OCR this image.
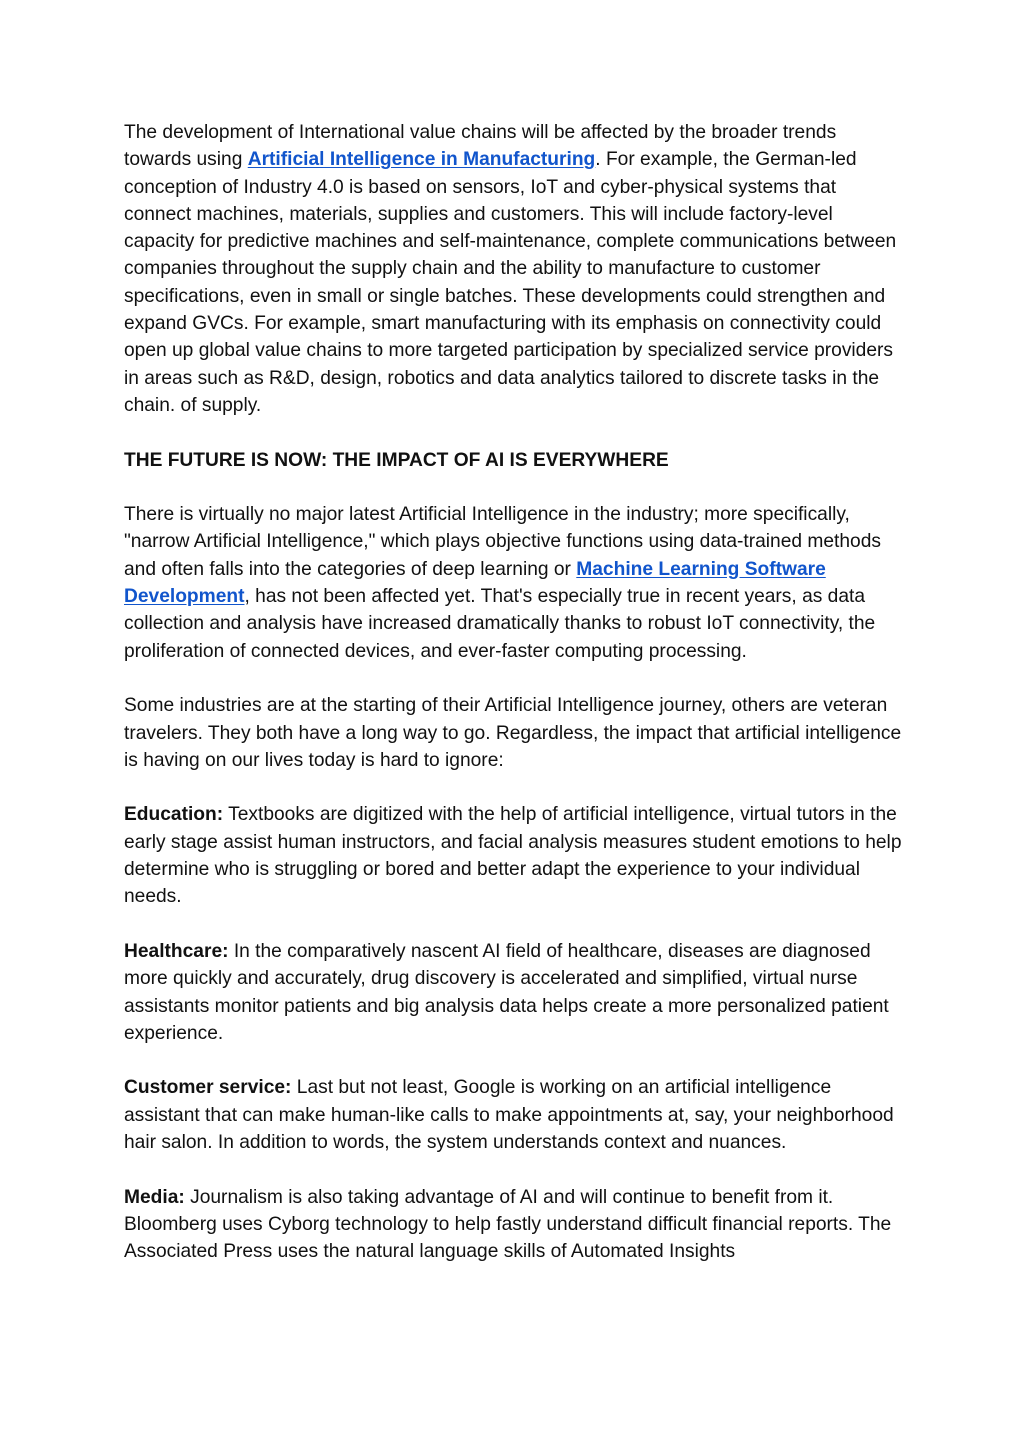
The development of International value chains will be affected by the broader trends towards using Artificial Intelligence in Manufacturing. For example, the German-led conception of Industry 4.0 is based on sensors, IoT and cyber-physical systems that connect machines, materials, supplies and customers. This will include factory-level capacity for predictive machines and self-maintenance, complete communications between companies throughout the supply chain and the ability to manufacture to customer specifications, even in small or single batches. These developments could strengthen and expand GVCs. For example, smart manufacturing with its emphasis on connectivity could open up global value chains to more targeted participation by specialized service providers in areas such as R&D, design, robotics and data analytics tailored to discrete tasks in the chain. of supply.

THE FUTURE IS NOW: THE IMPACT OF AI IS EVERYWHERE

There is virtually no major latest Artificial Intelligence in the industry; more specifically, "narrow Artificial Intelligence," which plays objective functions using data-trained methods and often falls into the categories of deep learning or Machine Learning Software Development, has not been affected yet. That's especially true in recent years, as data collection and analysis have increased dramatically thanks to robust IoT connectivity, the proliferation of connected devices, and ever-faster computing processing.

Some industries are at the starting of their Artificial Intelligence journey, others are veteran travelers. They both have a long way to go. Regardless, the impact that artificial intelligence is having on our lives today is hard to ignore:

Education: Textbooks are digitized with the help of artificial intelligence, virtual tutors in the early stage assist human instructors, and facial analysis measures student emotions to help determine who is struggling or bored and better adapt the experience to your individual needs.

Healthcare: In the comparatively nascent AI field of healthcare, diseases are diagnosed more quickly and accurately, drug discovery is accelerated and simplified, virtual nurse assistants monitor patients and big analysis data helps create a more personalized patient experience.

Customer service: Last but not least, Google is working on an artificial intelligence assistant that can make human-like calls to make appointments at, say, your neighborhood hair salon. In addition to words, the system understands context and nuances.

Media: Journalism is also taking advantage of AI and will continue to benefit from it. Bloomberg uses Cyborg technology to help fastly understand difficult financial reports. The Associated Press uses the natural language skills of Automated Insights
